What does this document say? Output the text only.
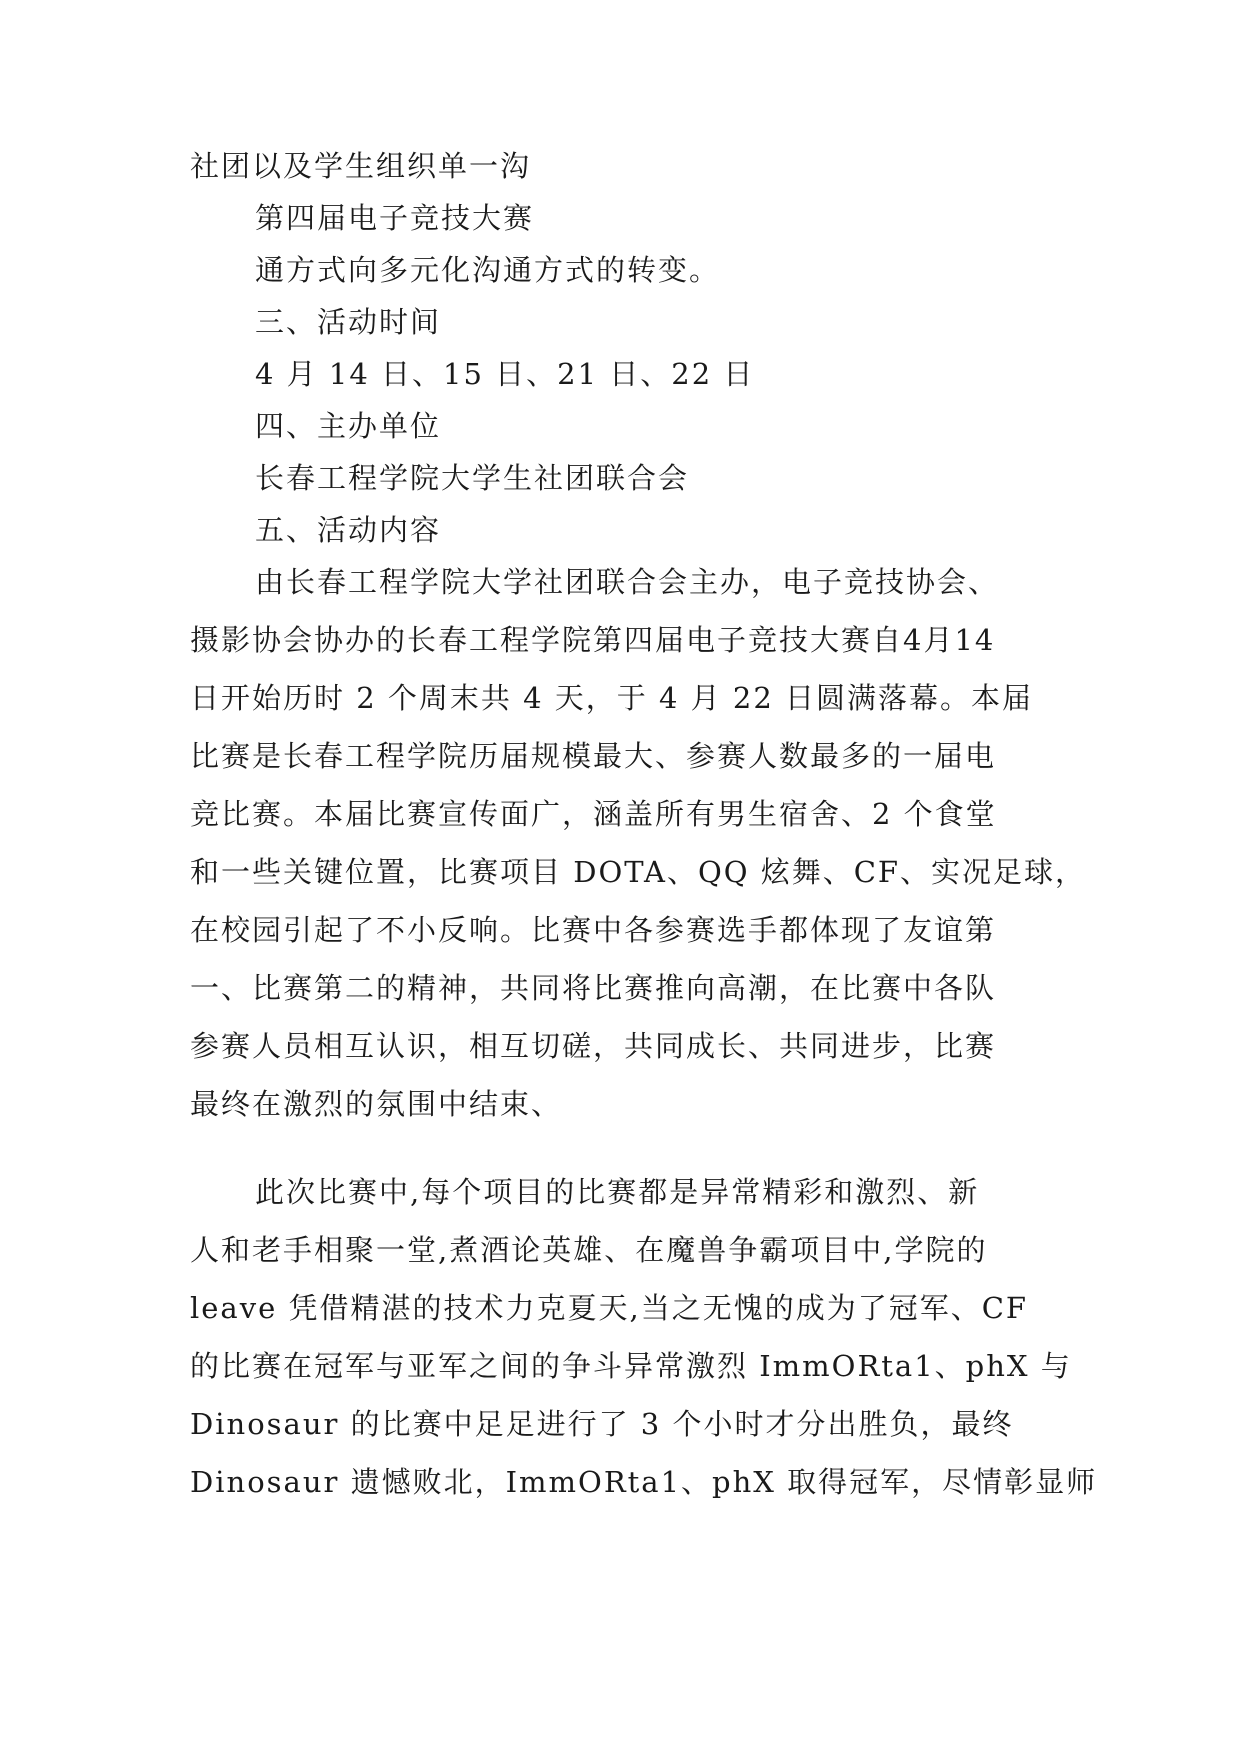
社团以及学生组织单一沟
第四届电子竞技大赛
通方式向多元化沟通方式的转变。
三、活动时间
4 月 14 日、15 日、21 日、22 日
四、主办单位
长春工程学院大学生社团联合会
五、活动内容
由长春工程学院大学社团联合会主办，电子竞技协会、
摄影协会协办的长春工程学院第四届电子竞技大赛自4月14
日开始历时 2 个周末共 4 天，于 4 月 22 日圆满落幕。本届
比赛是长春工程学院历届规模最大、参赛人数最多的一届电
竞比赛。本届比赛宣传面广，涵盖所有男生宿舍、2 个食堂
和一些关键位置，比赛项目 DOTA、QQ 炫舞、CF、实况足球，
在校园引起了不小反响。比赛中各参赛选手都体现了友谊第
一、比赛第二的精神，共同将比赛推向高潮，在比赛中各队
参赛人员相互认识，相互切磋，共同成长、共同进步，比赛
最终在激烈的氛围中结束、
此次比赛中,每个项目的比赛都是异常精彩和激烈、新
人和老手相聚一堂,煮酒论英雄、在魔兽争霸项目中,学院的
leave 凭借精湛的技术力克夏天,当之无愧的成为了冠军、CF
的比赛在冠军与亚军之间的争斗异常激烈 ImmORta1、phX 与
Dinosaur 的比赛中足足进行了 3 个小时才分出胜负，最终
Dinosaur 遗憾败北，ImmORta1、phX 取得冠军，尽情彰显师
